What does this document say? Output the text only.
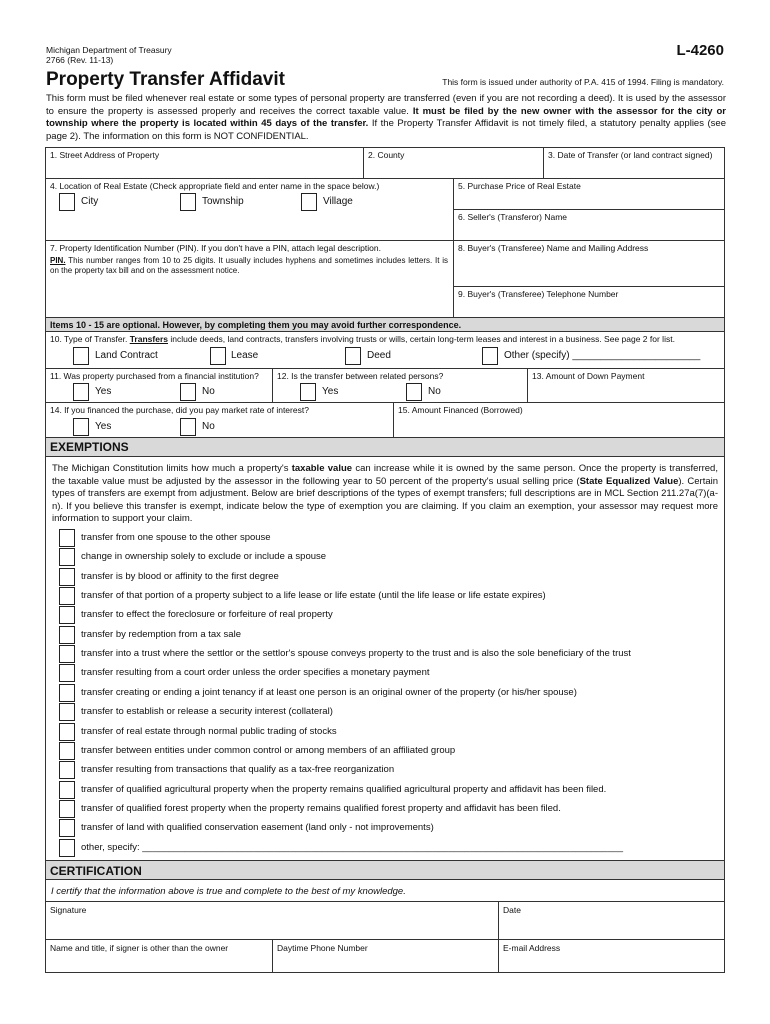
Michigan Department of Treasury
2766 (Rev. 11-13)
L-4260
Property Transfer Affidavit	This form is issued under authority of P.A. 415 of 1994. Filing is mandatory.
This form must be filed whenever real estate or some types of personal property are transferred (even if you are not recording a deed). It is used by the assessor to ensure the property is assessed properly and receives the correct taxable value. It must be filed by the new owner with the assessor for the city or township where the property is located within 45 days of the transfer. If the Property Transfer Affidavit is not timely filed, a statutory penalty applies (see page 2). The information on this form is NOT CONFIDENTIAL.
1. Street Address of Property	2. County	3. Date of Transfer (or land contract signed)
4. Location of Real Estate (Check appropriate field and enter name in the space below.)
City	Township	Village
5. Purchase Price of Real Estate
6. Seller's (Transferor) Name
7. Property Identification Number (PIN). If you don't have a PIN, attach legal description.
PIN. This number ranges from 10 to 25 digits. It usually includes hyphens and sometimes includes letters. It is on the property tax bill and on the assessment notice.
8. Buyer's (Transferee) Name and Mailing Address
9. Buyer's (Transferee) Telephone Number
Items 10 - 15 are optional. However, by completing them you may avoid further correspondence.
10. Type of Transfer. Transfers include deeds, land contracts, transfers involving trusts or wills, certain long-term leases and interest in a business. See page 2 for list.
Land Contract	Lease	Deed	Other (specify) _______________________
11. Was property purchased from a financial institution?
Yes	No
12. Is the transfer between related persons?
Yes	No
13. Amount of Down Payment
14. If you financed the purchase, did you pay market rate of interest?
Yes	No
15. Amount Financed (Borrowed)
EXEMPTIONS
The Michigan Constitution limits how much a property's taxable value can increase while it is owned by the same person. Once the property is transferred, the taxable value must be adjusted by the assessor in the following year to 50 percent of the property's usual selling price (State Equalized Value). Certain types of transfers are exempt from adjustment. Below are brief descriptions of the types of exempt transfers; full descriptions are in MCL Section 211.27a(7)(a-n). If you believe this transfer is exempt, indicate below the type of exemption you are claiming. If you claim an exemption, your assessor may request more information to support your claim.
transfer from one spouse to the other spouse
change in ownership solely to exclude or include a spouse
transfer is by blood or affinity to the first degree
transfer of that portion of a property subject to a life lease or life estate (until the life lease or life estate expires)
transfer to effect the foreclosure or forfeiture of real property
transfer by redemption from a tax sale
transfer into a trust where the settlor or the settlor's spouse conveys property to the trust and is also the sole beneficiary of the trust
transfer resulting from a court order unless the order specifies a monetary payment
transfer creating or ending a joint tenancy if at least one person is an original owner of the property (or his/her spouse)
transfer to establish or release a security interest (collateral)
transfer of real estate through normal public trading of stocks
transfer between entities under common control or among members of an affiliated group
transfer resulting from transactions that qualify as a tax-free reorganization
transfer of qualified agricultural property when the property remains qualified agricultural property and affidavit has been filed.
transfer of qualified forest property when the property remains qualified forest property and affidavit has been filed.
transfer of land with qualified conservation easement (land only - not improvements)
other, specify: ___________________________________________________________________________________________
CERTIFICATION
I certify that the information above is true and complete to the best of my knowledge.
Signature	Date
Name and title, if signer is other than the owner	Daytime Phone Number	E-mail Address
